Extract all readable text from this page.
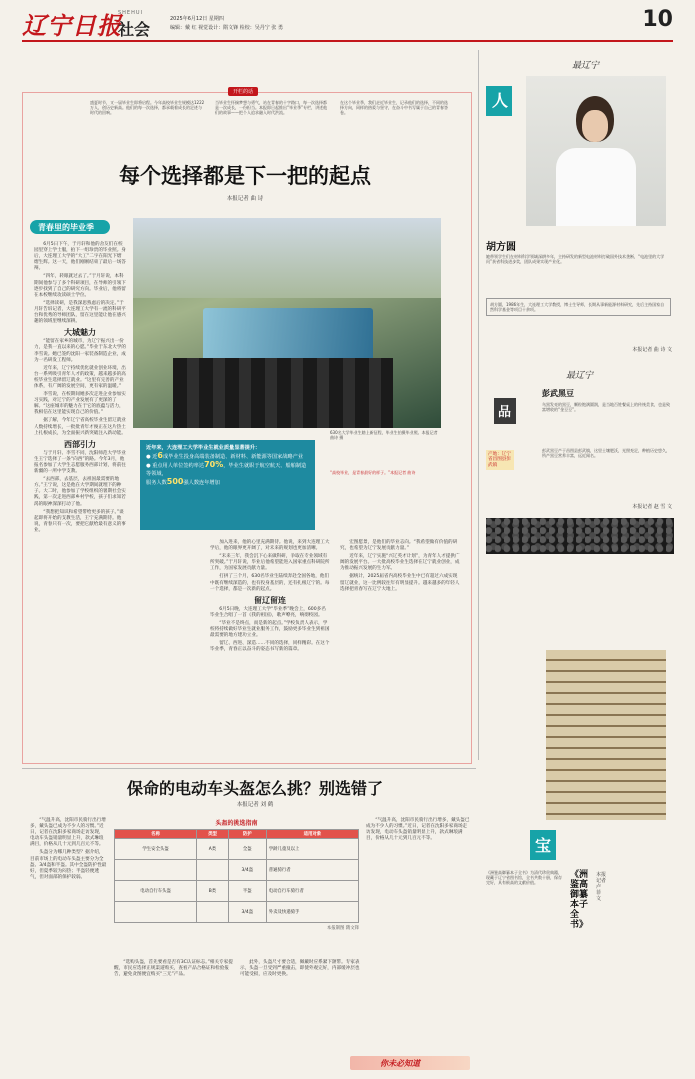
辽宁日报
SHEHUI
社会
2025年6月12日 星期四
编辑：戴 红 视觉设计：隋文锋 检校：吴丹宁 张 勇	10
开栏的话
盛夏时节，又一届毕业生即将启程。今年高校毕业生规模达1222万人，创历史新高。他们的每一次选择，都承载着成长的足迹与时代的回响。
当毕业生怀揣梦想与勇气，站在青春的十字路口，每一次选择都是一次成长，一份担当。本报即日起推出“毕业季”专栏，讲述他们的故事——把个人追求融入时代洪流。
在这个毕业季，我们走近毕业生，记录他们的选择，不同的选择方向，同样的热爱与坚守，在奋斗中书写属于自己的青春答卷。
每个选择都是下一把的起点
本报记者 曲 诗
青春里的毕业季

6月5日下午，于月轩和他的舍友们在校园里穿上学士服，拍下一组珍贵的毕业照。身后，大连理工大学的“大工”二字在阳光下熠熠生辉。这一天，他们刚刚结束了最后一场答辩。

“四年，转眼就过去了。”于月轩说，本科期间他参与了多个科研项目，在导师的引领下逐步找到了自己的研究方向。毕业后，他将留在本校继续攻读硕士学位。

“选择读研，是我深思熟虑后的决定。”于月轩告诉记者，大连理工大学有一流的科研平台和优秀的导师团队，留在这里能让他在感兴趣的领域里继续深耕。

大城魅力

“能留在家乡的城市，为辽宁振兴出一份力，是我一直以来的心愿。”毕业于东北大学的李雪说。她已签约沈阳一家装备制造企业，成为一名研发工程师。

近年来，辽宁持续优化就业创业环境，出台一系列吸引青年人才的政策，越来越多的高校毕业生选择留辽就业。“这里有完善的产业体系，有广阔的发展空间，更有家的温暖。”

李雪说，在校期间她多次走进企业参加实习实践，对辽宁的产业发展有了更深的了解。“这座城市的魅力在于它的底蕴与活力，我相信在这里能实现自己的价值。”

据了解，今年辽宁省高校毕业生留辽就业人数持续增长，一批批青年才俊正在这片热土上扎根成长，为全面振兴新突破注入新动能。

西部引力

与于月轩、李雪不同，沈阳师范大学毕业生王宁选择了一条“向西”的路。今年3月，他报名参加了大学生志愿服务西部计划，将前往新疆的一所中学支教。

“去西部，去基层，去祖国最需要的地方。”王宁说，这是他在大学期间就埋下的种子。大二时，他参加了学校组织的暑期社会实践，第一次走进西部乡村学校，孩子们求知若渴的眼神深深打动了他。

“我想把知识和希望带给更多的孩子。”谈起即将开始的支教生活，王宁充满期待。他说，青春只有一次，要把它献给最有意义的事业。

近年来，大连理工大学毕业生就业质量显著提升：
● 近6成毕业生投身高端装备制造、新材料、新能源等国家战略产业
● 重点用人单位签约率达70%，毕业生就职于航空航天、船舶制造等领域，
服务人数500强人数连年增加
630名大学毕业生踏上新征程，毕业生拍摄毕业照。本报记者 曲诗 摄
“高校毕业，是青春最好的样子。”本报记者 曲诗

加入进来，他的心里充满期待。他说，来到大连理工大学后，他的眼界更开阔了，对未来的规划也更加清晰。

“未来三年，我会沉下心来做科研，争取在专业领域有所突破。”于月轩说，毕业后他希望能进入国家重点科研院所工作，为国家发展贡献力量。

打拼了三个月，630名毕业生陆续奔赴全国各地，他们中既有继续深造的，也有投身基层的，还有扎根辽宁的。每一个选择，都是一次新的起点。

留辽留连

6月5日晚，大连理工大学“毕业季”晚会上，600多名毕业生合唱了一首《我的祖国》，歌声嘹亮，响彻校园。

“毕业不是终点，而是新的起点。”学校负责人表示，学校将持续做好毕业生就业服务工作，鼓励更多毕业生到祖国最需要的地方建功立业。

留辽、西进、深造……不同的选择，同样精彩。在这个毕业季，青春正以奋斗的姿态书写新的篇章。

宏图愿景，是他们的毕业志向。“我希望做有价值的研究，也希望为辽宁发展贡献力量。”

近年来，辽宁实施“兴辽英才计划”，为青年人才提供广阔的发展平台。一大批高校毕业生选择在辽宁就业创业，成为推动振兴发展的生力军。

据统计，2025届省内高校毕业生中已有超过六成实现留辽就业，这一比例较往年有明显提升。越来越多的年轻人选择把青春写在辽宁大地上。

最辽宁
人
胡方圆
她带领学生们在材料科学领域深耕多年，主持研发的新型电池材料打破国外技术垄断，“电池里的大学问”获省科技进步奖，团队成果实现产业化。
胡方圆，1986年生，大连理工大学教授，博士生导师，长期从事新能源材料研究，先后主持国家自然科学基金等项目十余项。
本报记者 曲 诗 文
最辽宁
品
产地：辽宁省昌图县彭武镇
彭武黑豆
乌黑发亮的黑豆，颗粒饱满圆润，是当地百姓餐桌上的传统美食，也是致富增收的“金豆豆”。
彭武黑豆产于昌图县彭武镇，这里土壤肥沃，光照充足，种植历史悠久，所产黑豆营养丰富，远近闻名。
本报记者 赵 雪 文
宝
《洲鉴高御纂本子全书》为清代珍贵典籍，现藏于辽宁省图书馆，全书共数十册，保存完好，具有极高的文献价值。
《洲鉴高御纂本子全书》
本报记者 卢 菲 文
保命的电动车头盔怎么挑？别选错了
本报记者 刘 鹤

“气温升高，沈阳市民骑行出行增多，戴头盔已成为不少人的习惯。”近日，记者在沈阳多家商场走访发现，电动车头盔销量明显上升，款式琳琅满目，价格从几十元到几百元不等。

头盔分为哪几种类型？据介绍，目前市场上的电动车头盔主要分为全盔、3/4盔和半盔。其中全盔防护性最好，但夏季较为闷热；半盔轻便透气，但对面部的保护较弱。

头盔的挑选指南
名称	类型	防护	适用对象
学生安全头盔	A类	全盔	学龄儿童及以上
		3/4盔	普通骑行者
电动自行车头盔	B类	半盔	电动自行车骑行者
		3/4盔	外卖及快递骑手
本报制图 隋文锋

“选购头盔，首先要看是否有3C认证标志。”相关专家提醒，市民应选择正规渠道购买，查看产品合格证和检验报告，避免贪图便宜购买“三无”产品。

此外，头盔尺寸要合适，佩戴时应系紧下颌带。专家表示，头盔一旦受到严重撞击，即使外观完好，内部缓冲层也可能受损，应及时更换。

“气温升高，沈阳市民骑行出行增多，戴头盔已成为不少人的习惯。”近日，记者在沈阳多家商场走访发现，电动车头盔销量明显上升，款式琳琅满目，价格从几十元到几百元不等。

你未必知道
